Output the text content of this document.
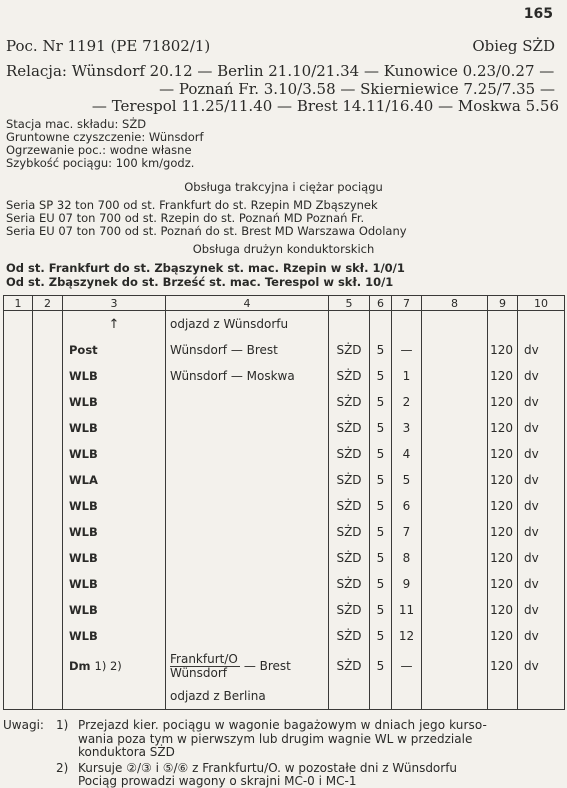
165
Poc. Nr 1191 (PE 71802/1)	Obieg SŻD
Relacja: Wünsdorf 20.12 — Berlin 21.10/21.34 — Kunowice 0.23/0.27 —
— Poznań Fr. 3.10/3.58 — Skierniewice 7.25/7.35 —
— Terespol 11.25/11.40 — Brest 14.11/16.40 — Moskwa 5.56
Stacja mac. składu: SŻD
Gruntowne czyszczenie: Wünsdorf
Ogrzewanie poc.: wodne własne
Szybkość pociągu: 100 km/godz.
Obsługa trakcyjna i ciężar pociągu
Seria SP 32 ton 700 od st. Frankfurt do st. Rzepin MD Zbąszynek
Seria EU 07 ton 700 od st. Rzepin do st. Poznań MD Poznań Fr.
Seria EU 07 ton 700 od st. Poznań do st. Brest MD Warszawa Odolany
Obsługa drużyn konduktorskich
Od st. Frankfurt do st. Zbąszynek st. mac. Rzepin w skł. 1/0/1
Od st. Zbąszynek do st. Brześć st. mac. Terespol w skł. 10/1
1	2	3	4	5	6	7	8	9	10
		↑	odjazd z Wünsdorfu						
		Post	Wünsdorf — Brest	SŻD	5	—		120	dv
		WLB	Wünsdorf — Moskwa	SŻD	5	1		120	dv
		WLB		SŻD	5	2		120	dv
		WLB		SŻD	5	3		120	dv
		WLB		SŻD	5	4		120	dv
		WLA		SŻD	5	5		120	dv
		WLB		SŻD	5	6		120	dv
		WLB		SŻD	5	7		120	dv
		WLB		SŻD	5	8		120	dv
		WLB		SŻD	5	9		120	dv
		WLB		SŻD	5	11		120	dv
		WLB		SŻD	5	12		120	dv
		Dm 1) 2)	$\frac{\text{Frankfurt/O}}{\text{Wünsdorf}}$ — Brest	SŻD	5	—		120	dv
			odjazd z Berlina						
Uwagi: 1) Przejazd kier. pociągu w wagonie bagażowym w dniach jego kurso-
wania poza tym w pierwszym lub drugim wagnie WL w przedziale
konduktora SŻD
2) Kursuje ②/③ i ⑤/⑥ z Frankfurtu/O. w pozostałe dni z Wünsdorfu
Pociąg prowadzi wagony o skrajni MC-0 i MC-1
